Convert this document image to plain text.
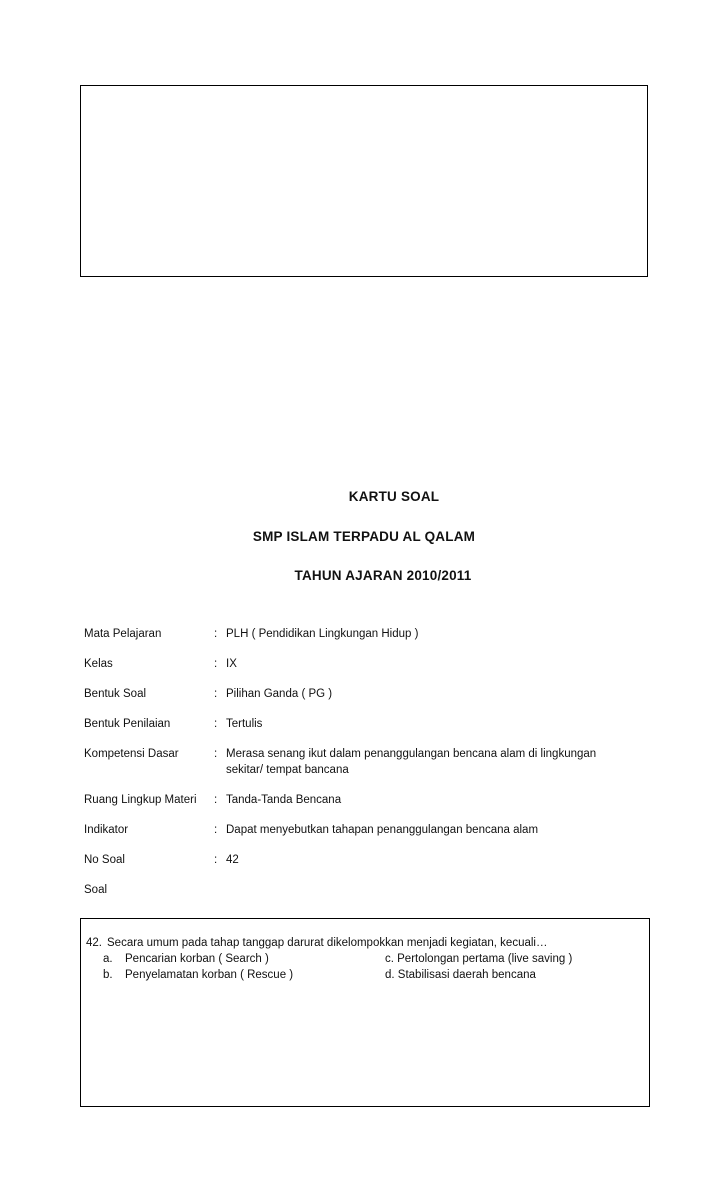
KARTU SOAL
SMP ISLAM TERPADU AL QALAM
TAHUN AJARAN 2010/2011
Mata Pelajaran	: PLH ( Pendidikan Lingkungan Hidup )
Kelas	: IX
Bentuk Soal	: Pilihan Ganda ( PG )
Bentuk Penilaian	: Tertulis
Kompetensi Dasar	: Merasa senang ikut dalam penanggulangan bencana alam di lingkungan
sekitar/ tempat bancana
Ruang Lingkup Materi	: Tanda-Tanda Bencana
Indikator	: Dapat menyebutkan tahapan penanggulangan bencana alam
No Soal	: 42
Soal
42. Secara umum pada tahap tanggap darurat dikelompokkan menjadi kegiatan, kecuali…
a.	Pencarian korban ( Search )	c. Pertolongan pertama (live saving )
b.	Penyelamatan korban ( Rescue )	d. Stabilisasi daerah bencana
